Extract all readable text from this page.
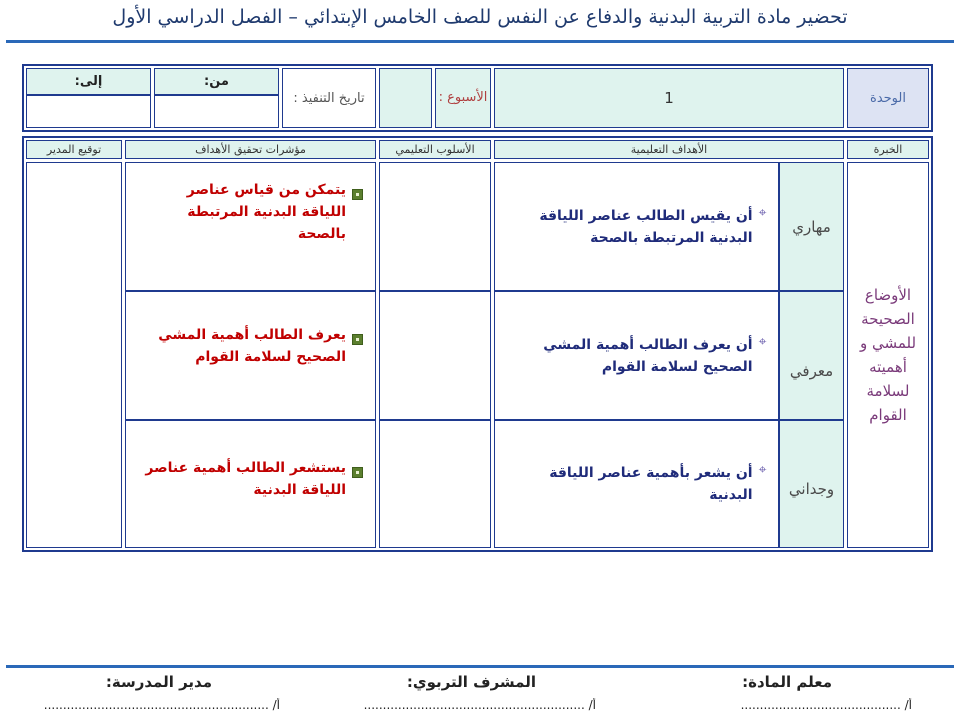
تحضير مادة التربية البدنية والدفاع عن النفس للصف الخامس الإبتدائي – الفصل الدراسي الأول
الوحدة
1
الأسبوع :
تاريخ التنفيذ :
من:
إلى:
الخبرة
الأهداف التعليمية
الأسلوب التعليمي
مؤشرات تحقيق الأهداف
توقيع المدير
الأوضاع الصحيحة للمشي و أهميته لسلامة القوام
مهاري
معرفي
وجداني
⌖
أن يقيس الطالب عناصر اللياقة البدنية المرتبطة بالصحة
⌖
أن يعرف الطالب أهمية المشي الصحيح لسلامة القوام
⌖
أن يشعر بأهمية عناصر اللياقة البدنية
يتمكن من قياس عناصر اللياقة البدنية المرتبطة بالصحة
يعرف الطالب أهمية المشي الصحيح لسلامة القوام
يستشعر الطالب أهمية عناصر اللياقة البدنية
معلم المادة:
المشرف التربوي:
مدير المدرسة:
أ/ ..........................................
أ/ ..........................................................
أ/ ...........................................................
